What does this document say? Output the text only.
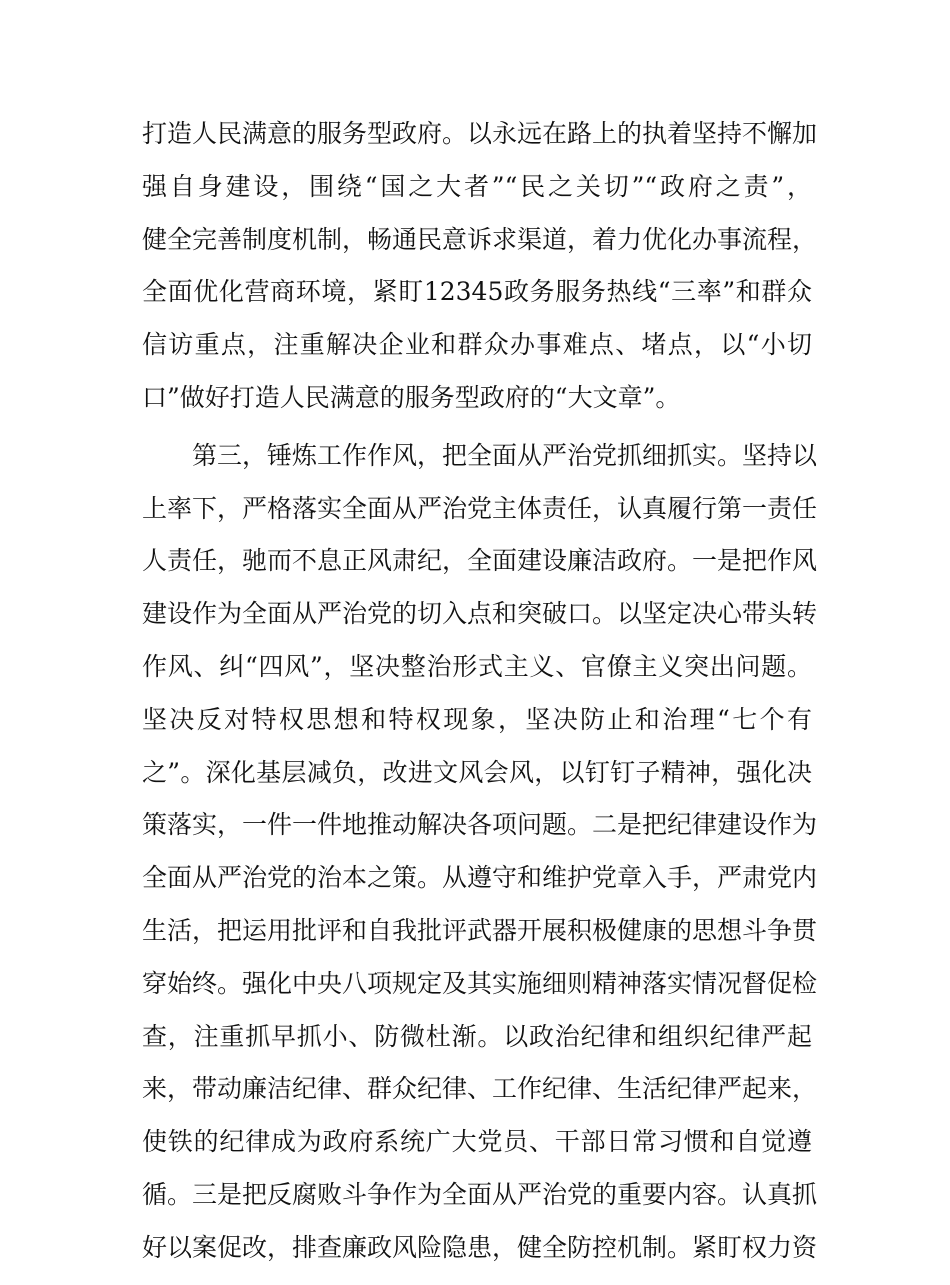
打造人民满意的服务型政府。以永远在路上的执着坚持不懈加
强自身建设，围绕“国之大者”“民之关切”“政府之责”，
健全完善制度机制，畅通民意诉求渠道，着力优化办事流程，
全面优化营商环境，紧盯12345政务服务热线“三率”和群众
信访重点，注重解决企业和群众办事难点、堵点，以“小切
口”做好打造人民满意的服务型政府的“大文章”。
第三，锤炼工作作风，把全面从严治党抓细抓实。坚持以
上率下，严格落实全面从严治党主体责任，认真履行第一责任
人责任，驰而不息正风肃纪，全面建设廉洁政府。一是把作风
建设作为全面从严治党的切入点和突破口。以坚定决心带头转
作风、纠“四风”，坚决整治形式主义、官僚主义突出问题。
坚决反对特权思想和特权现象，坚决防止和治理“七个有
之”。深化基层减负，改进文风会风，以钉钉子精神，强化决
策落实，一件一件地推动解决各项问题。二是把纪律建设作为
全面从严治党的治本之策。从遵守和维护党章入手，严肃党内
生活，把运用批评和自我批评武器开展积极健康的思想斗争贯
穿始终。强化中央八项规定及其实施细则精神落实情况督促检
查，注重抓早抓小、防微杜渐。以政治纪律和组织纪律严起
来，带动廉洁纪律、群众纪律、工作纪律、生活纪律严起来，
使铁的纪律成为政府系统广大党员、干部日常习惯和自觉遵
循。三是把反腐败斗争作为全面从严治党的重要内容。认真抓
好以案促改，排查廉政风险隐患，健全防控机制。紧盯权力资
